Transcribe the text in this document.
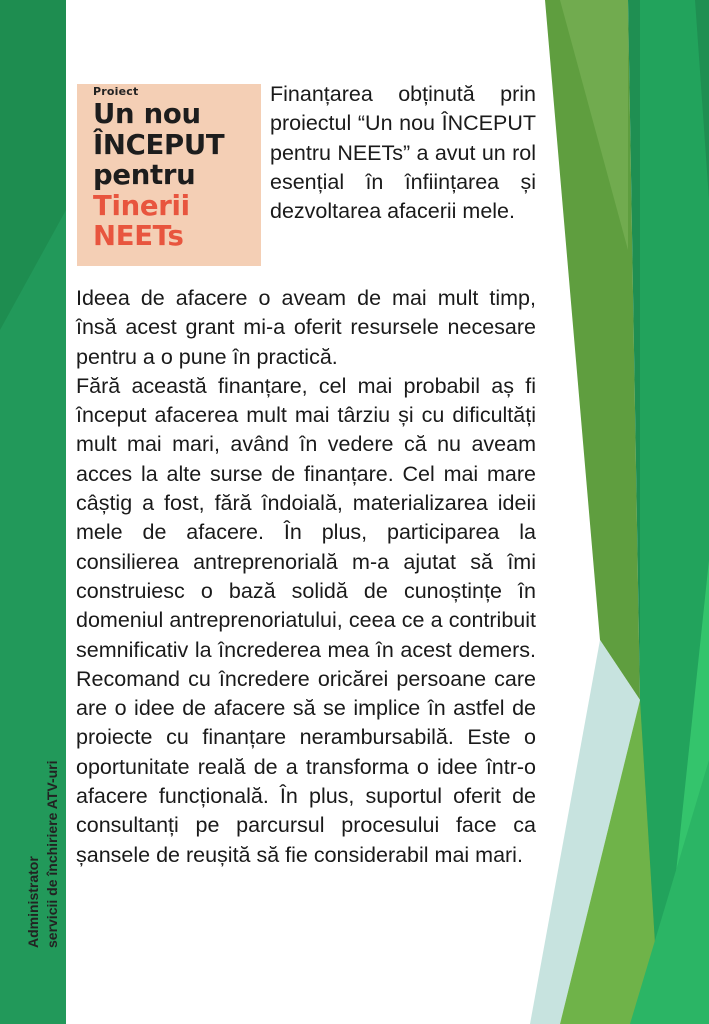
Proiect
Un nou
ÎNCEPUT
pentru
Tinerii
NEETs

Finanțarea obținută prin proiectul “Un nou ÎNCEPUT pentru NEETs” a avut un rol esențial în înființarea și dezvoltarea afacerii mele.

Ideea de afacere o aveam de mai mult timp, însă acest grant mi-a oferit resursele necesare pentru a o pune în practică.

Fără această finanțare, cel mai probabil aș fi început afacerea mult mai târziu și cu dificultăți mult mai mari, având în vedere că nu aveam acces la alte surse de finanțare. Cel mai mare câștig a fost, fără îndoială, materializarea ideii mele de afacere. În plus, participarea la consilierea antreprenorială m-a ajutat să îmi construiesc o bază solidă de cunoștințe în domeniul antreprenoriatului, ceea ce a contribuit semnificativ la încrederea mea în acest demers. Recomand cu încredere oricărei persoane care are o idee de afacere să se implice în astfel de proiecte cu finanțare nerambursabilă. Este o oportunitate reală de a transforma o idee într-o afacere funcțională. În plus, suportul oferit de consultanți pe parcursul procesului face ca șansele de reușită să fie considerabil mai mari.

Administrator servicii de închiriere ATV-uri
